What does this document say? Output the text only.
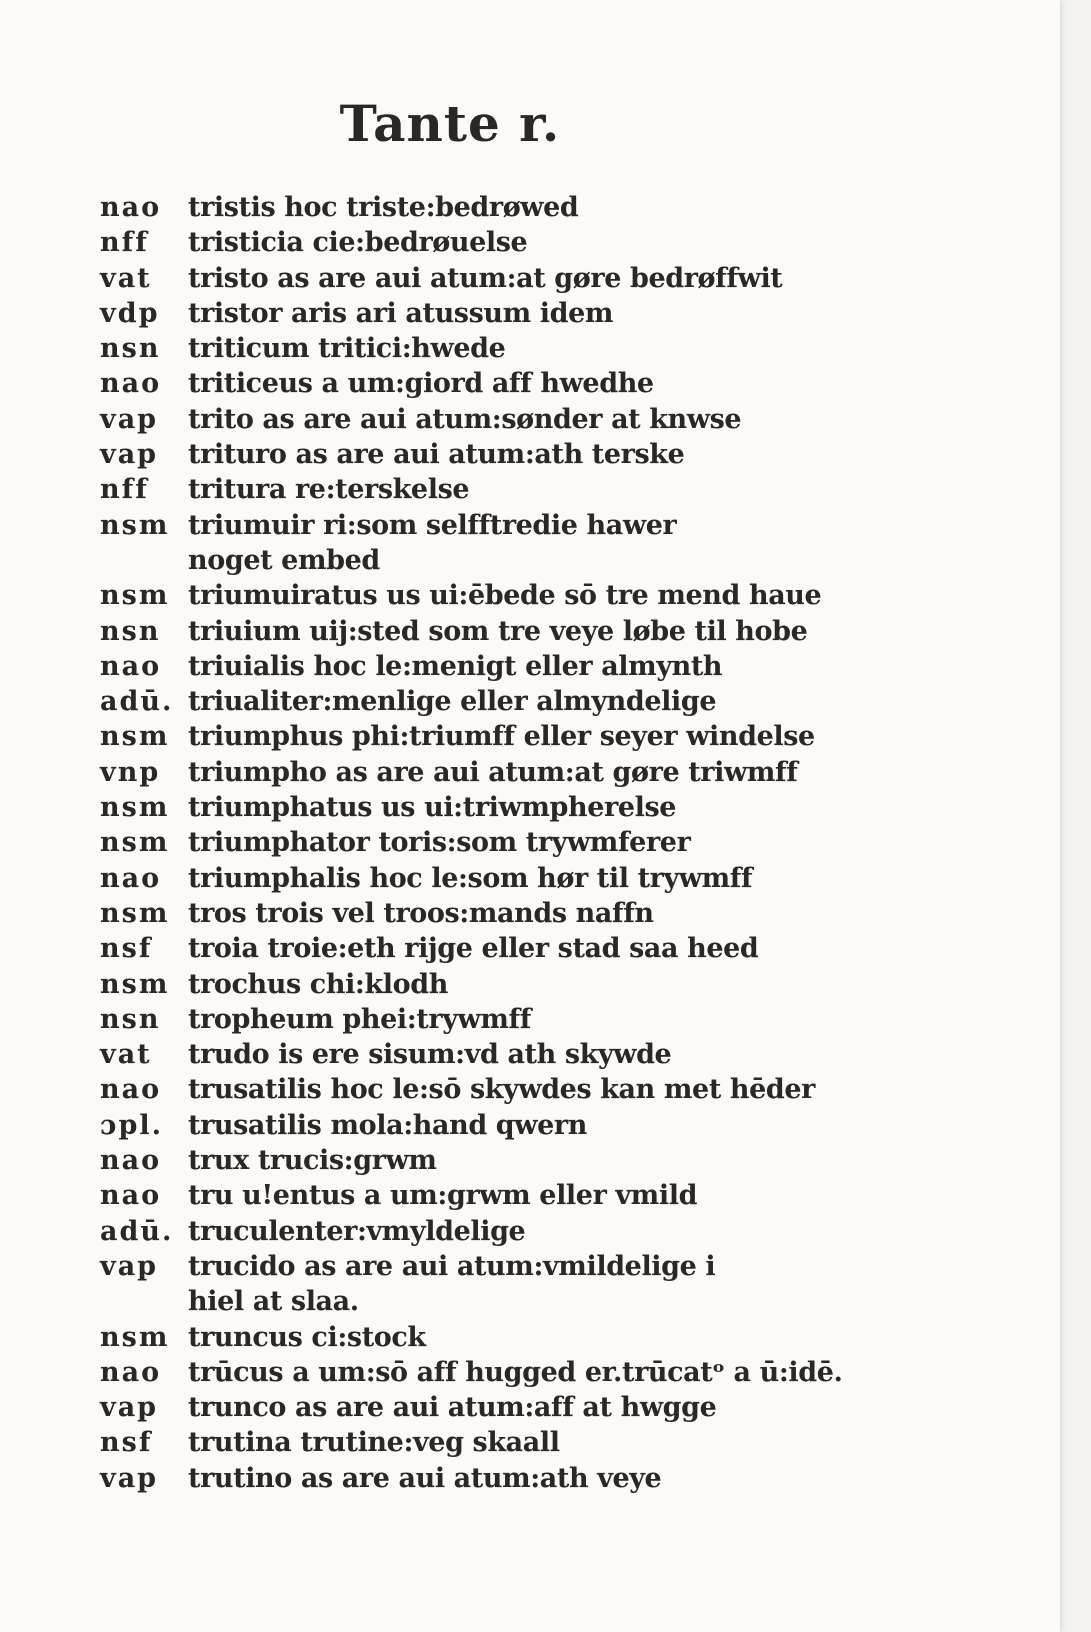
Tante r.
nao tristis hoc triste:bedrøwed
nff	tristicia cie:bedrøuelse
vat	tristo as are aui atum:at gøre bedrøffwit
vdp	tristor aris ari atussum idem
nsn	triticum tritici:hwede
nao triticeus a um:giord aff hwedhe
vap	trito as are aui atum:sønder at knwse
vap	trituro as are aui atum:ath terske
nff	tritura re:terskelse
nsm triumuir ri:som selfftredie hawer
noget embed
nsm triumuiratus us ui:ēbede sō tre mend haue
nsn	triuium uij:sted som tre veye løbe til hobe
nao triuialis hoc le:menigt eller almynth
adū. triualiter:menlige eller almyndelige
nsm triumphus phi:triumff eller seyer windelse
vnp	triumpho as are aui atum:at gøre triwmff
nsm triumphatus us ui:triwmpherelse
nsm triumphator toris:som trywmferer
nao triumphalis hoc le:som hør til trywmff
nsm tros trois vel troos:mands naffn
nsf	troia troie:eth rijge eller stad saa heed
nsm trochus chi:klodh
nsn	tropheum phei:trywmff
vat	trudo is ere sisum:vd ath skywde
nao trusatilis hoc le:sō skywdes kan met hēder
ɔpl. trusatilis mola:hand qwern
nao trux trucis:grwm
nao tru u!entus a um:grwm eller vmild
adū. truculenter:vmyldelige
vap	trucido as are aui atum:vmildelige i
hiel at slaa.
nsm truncus ci:stock
nao trūcus a um:sō aff hugged er.trūcatᵒ a ū:idē.
vap	trunco as are aui atum:aff at hwgge
nsf	trutina trutine:veg skaall
vap	trutino as are aui atum:ath veye
